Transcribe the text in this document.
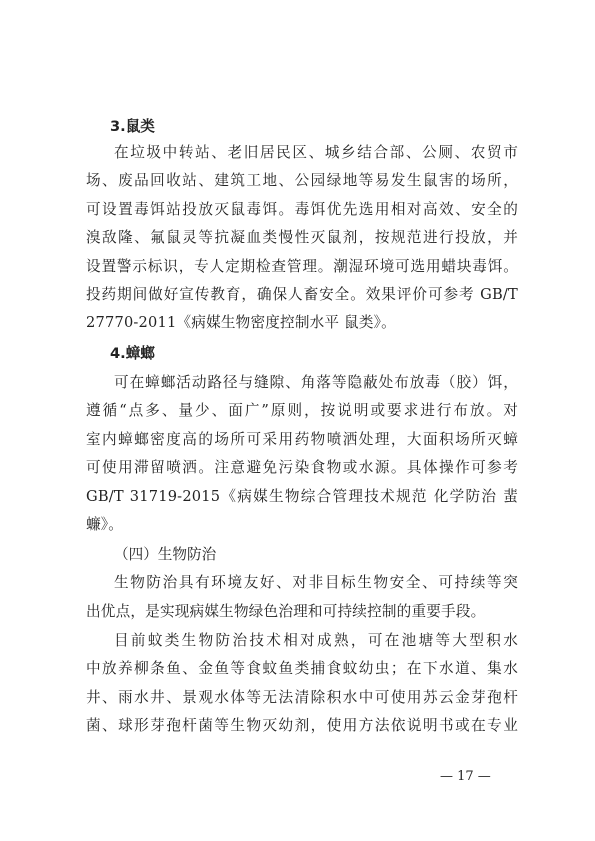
3.鼠类
在垃圾中转站、老旧居民区、城乡结合部、公厕、农贸市
场、废品回收站、建筑工地、公园绿地等易发生鼠害的场所，
可设置毒饵站投放灭鼠毒饵。毒饵优先选用相对高效、安全的
溴敌隆、氟鼠灵等抗凝血类慢性灭鼠剂，按规范进行投放，并
设置警示标识，专人定期检查管理。潮湿环境可选用蜡块毒饵。
投药期间做好宣传教育，确保人畜安全。效果评价可参考 GB/T
27770-2011《病媒生物密度控制水平 鼠类》。
4.蟑螂
可在蟑螂活动路径与缝隙、角落等隐蔽处布放毒（胶）饵，
遵循“点多、量少、面广”原则，按说明或要求进行布放。对
室内蟑螂密度高的场所可采用药物喷洒处理，大面积场所灭蟑
可使用滞留喷洒。注意避免污染食物或水源。具体操作可参考
GB/T 31719-2015《病媒生物综合管理技术规范 化学防治 蜚
蠊》。
（四）生物防治
生物防治具有环境友好、对非目标生物安全、可持续等突
出优点，是实现病媒生物绿色治理和可持续控制的重要手段。
目前蚊类生物防治技术相对成熟，可在池塘等大型积水
中放养柳条鱼、金鱼等食蚊鱼类捕食蚊幼虫；在下水道、集水
井、雨水井、景观水体等无法清除积水中可使用苏云金芽孢杆
菌、球形芽孢杆菌等生物灭幼剂，使用方法依说明书或在专业
— 17 —
